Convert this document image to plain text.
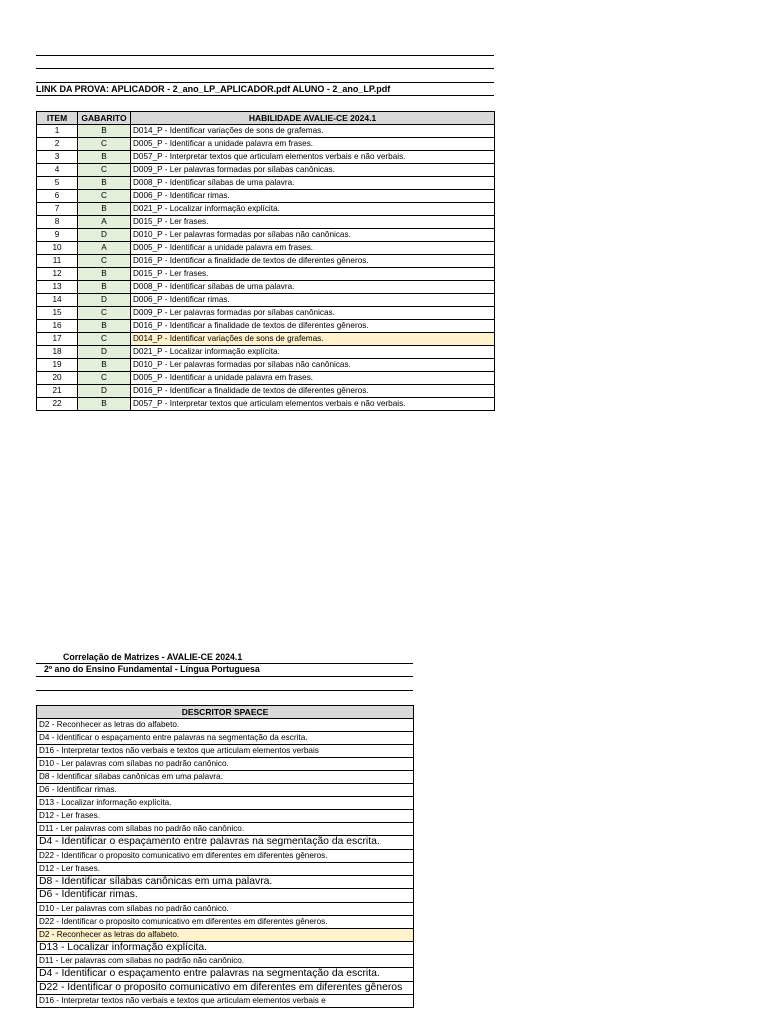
LINK DA PROVA: APLICADOR - 2_ano_LP_APLICADOR.pdf ALUNO - 2_ano_LP.pdf
ITEM	GABARITO	HABILIDADE AVALIE-CE 2024.1
1	B	D014_P - Identificar variações de sons de grafemas.
2	C	D005_P - Identificar a unidade palavra em frases.
3	B	D057_P - Interpretar textos que articulam elementos verbais e não verbais.
4	C	D009_P - Ler palavras formadas por sílabas canônicas.
5	B	D008_P - Identificar sílabas de uma palavra.
6	C	D006_P - Identificar rimas.
7	B	D021_P - Localizar informação explícita.
8	A	D015_P - Ler frases.
9	D	D010_P - Ler palavras formadas por sílabas não canônicas.
10	A	D005_P - Identificar a unidade palavra em frases.
11	C	D016_P - Identificar a finalidade de textos de diferentes gêneros.
12	B	D015_P - Ler frases.
13	B	D008_P - Identificar sílabas de uma palavra.
14	D	D006_P - Identificar rimas.
15	C	D009_P - Ler palavras formadas por sílabas canônicas.
16	B	D016_P - Identificar a finalidade de textos de diferentes gêneros.
17	C	D014_P - Identificar variações de sons de grafemas.
18	D	D021_P - Localizar informação explícita.
19	B	D010_P - Ler palavras formadas por sílabas não canônicas.
20	C	D005_P - Identificar a unidade palavra em frases.
21	D	D016_P - Identificar a finalidade de textos de diferentes gêneros.
22	B	D057_P - Interpretar textos que articulam elementos verbais e não verbais.
Correlação de Matrizes - AVALIE-CE 2024.1
2º ano do Ensino Fundamental - Língua Portuguesa
DESCRITOR SPAECE
D2 - Reconhecer as letras do alfabeto.
D4 - Identificar o espaçamento entre palavras na segmentação da escrita.
D16 - Interpretar textos não verbais e textos que articulam elementos verbais
D10 - Ler palavras com sílabas no padrão canônico.
D8 - Identificar sílabas canônicas em uma palavra.
D6 - Identificar rimas.
D13 - Localizar informação explícita.
D12 - Ler frases.
D11 - Ler palavras com sílabas no padrão não canônico.
D4 - Identificar o espaçamento entre palavras na segmentação da escrita.
D22 - Identificar o proposito comunicativo em diferentes em diferentes gêneros.
D12 - Ler frases.
D8 - Identificar sílabas canônicas em uma palavra.
D6 - Identificar rimas.
D10 - Ler palavras com sílabas no padrão canônico.
D22 - Identificar o proposito comunicativo em diferentes em diferentes gêneros.
D2 - Reconhecer as letras do alfabeto.
D13 - Localizar informação explícita.
D11 - Ler palavras com sílabas no padrão não canônico.
D4 - Identificar o espaçamento entre palavras na segmentação da escrita.
D22 - Identificar o proposito comunicativo em diferentes em diferentes gêneros
D16 - Interpretar textos não verbais e textos que articulam elementos verbais e
